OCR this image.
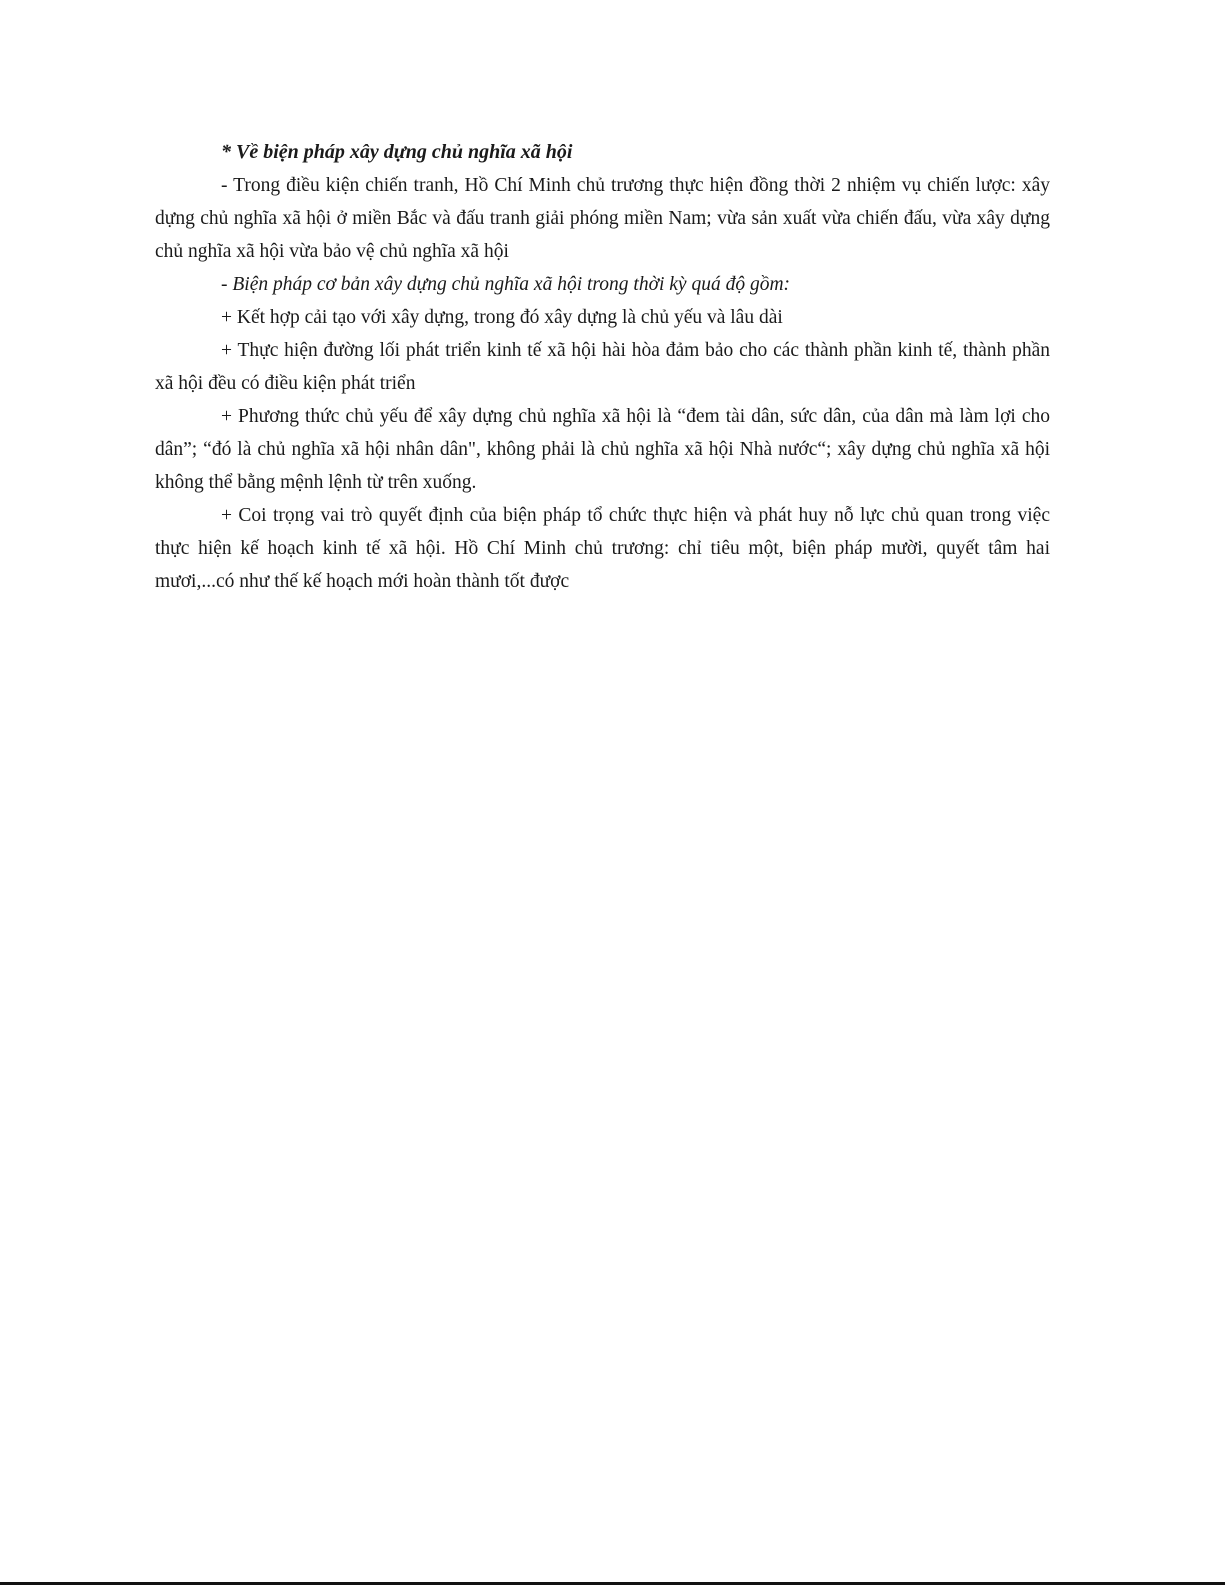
* Về biện pháp xây dựng chủ nghĩa xã hội

- Trong điều kiện chiến tranh, Hồ Chí Minh chủ trương thực hiện đồng thời 2 nhiệm vụ chiến lược: xây dựng chủ nghĩa xã hội ở miền Bắc và đấu tranh giải phóng miền Nam; vừa sản xuất vừa chiến đấu, vừa xây dựng chủ nghĩa xã hội vừa bảo vệ chủ nghĩa xã hội

- Biện pháp cơ bản xây dựng chủ nghĩa xã hội trong thời kỳ quá độ gồm:

+ Kết hợp cải tạo với xây dựng, trong đó xây dựng là chủ yếu và lâu dài

+ Thực hiện đường lối phát triển kinh tế xã hội hài hòa đảm bảo cho các thành phần kinh tế, thành phần xã hội đều có điều kiện phát triển

+ Phương thức chủ yếu để xây dựng chủ nghĩa xã hội là “đem tài dân, sức dân, của dân mà làm lợi cho dân”; “đó là chủ nghĩa xã hội nhân dân", không phải là chủ nghĩa xã hội Nhà nước“; xây dựng chủ nghĩa xã hội không thể bằng mệnh lệnh từ trên xuống.

+ Coi trọng vai trò quyết định của biện pháp tổ chức thực hiện và phát huy nỗ lực chủ quan trong việc thực hiện kế hoạch kinh tế xã hội. Hồ Chí Minh chủ trương: chỉ tiêu một, biện pháp mười, quyết tâm hai mươi,...có như thế kế hoạch mới hoàn thành tốt được
